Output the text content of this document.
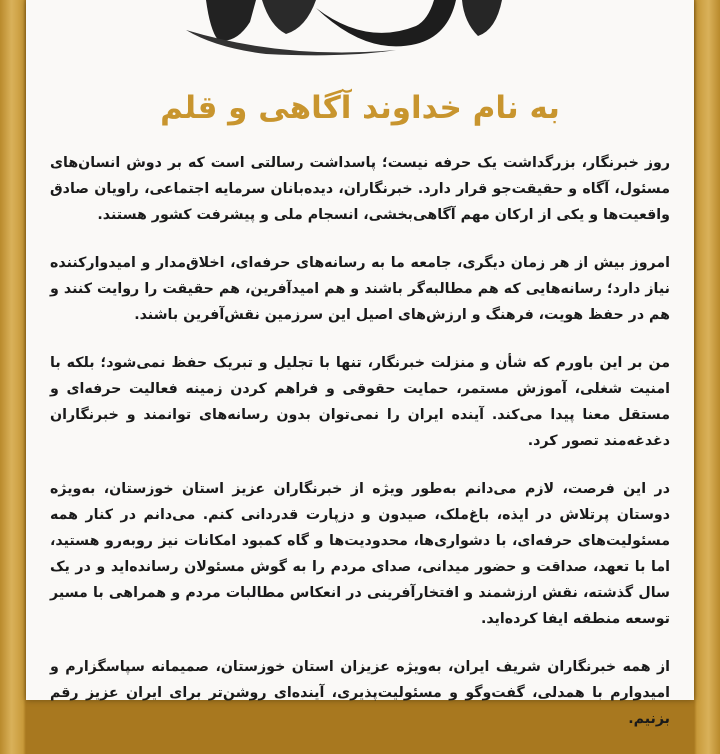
به نام خداوند آگاهی و قلم

روز خبرنگار، بزرگداشت یک حرفه نیست؛ پاسداشت رسالتی است که بر دوش انسان‌های مسئول، آگاه و حقیقت‌جو قرار دارد. خبرنگاران، دیده‌بانان سرمایه اجتماعی، راویان صادق واقعیت‌ها و یکی از ارکان مهم آگاهی‌بخشی، انسجام ملی و پیشرفت کشور هستند.

امروز بیش از هر زمان دیگری، جامعه ما به رسانه‌های حرفه‌ای، اخلاق‌مدار و امیدوارکننده نیاز دارد؛ رسانه‌هایی که هم مطالبه‌گر باشند و هم امیدآفرین، هم حقیقت را روایت کنند و هم در حفظ هویت، فرهنگ و ارزش‌های اصیل این سرزمین نقش‌آفرین باشند.

من بر این باورم که شأن و منزلت خبرنگار، تنها با تجلیل و تبریک حفظ نمی‌شود؛ بلکه با امنیت شغلی، آموزش مستمر، حمایت حقوقی و فراهم کردن زمینه فعالیت حرفه‌ای و مستقل معنا پیدا می‌کند. آینده ایران را نمی‌توان بدون رسانه‌های توانمند و خبرنگاران دغدغه‌مند تصور کرد.

در این فرصت، لازم می‌دانم به‌طور ویژه از خبرنگاران عزیز استان خوزستان، به‌ویژه دوستان پرتلاش در ایذه، باغ‌ملک، صیدون و دزپارت قدردانی کنم. می‌دانم در کنار همه مسئولیت‌های حرفه‌ای، با دشواری‌ها، محدودیت‌ها و گاه کمبود امکانات نیز روبه‌رو هستید، اما با تعهد، صداقت و حضور میدانی، صدای مردم را به گوش مسئولان رسانده‌اید و در یک سال گذشته، نقش ارزشمند و افتخارآفرینی در انعکاس مطالبات مردم و همراهی با مسیر توسعه منطقه ایفا کرده‌اید.

از همه خبرنگاران شریف ایران، به‌ویژه عزیزان استان خوزستان، صمیمانه سپاسگزارم و امیدوارم با همدلی، گفت‌وگو و مسئولیت‌پذیری، آینده‌ای روشن‌تر برای ایران عزیز رقم بزنیم.
